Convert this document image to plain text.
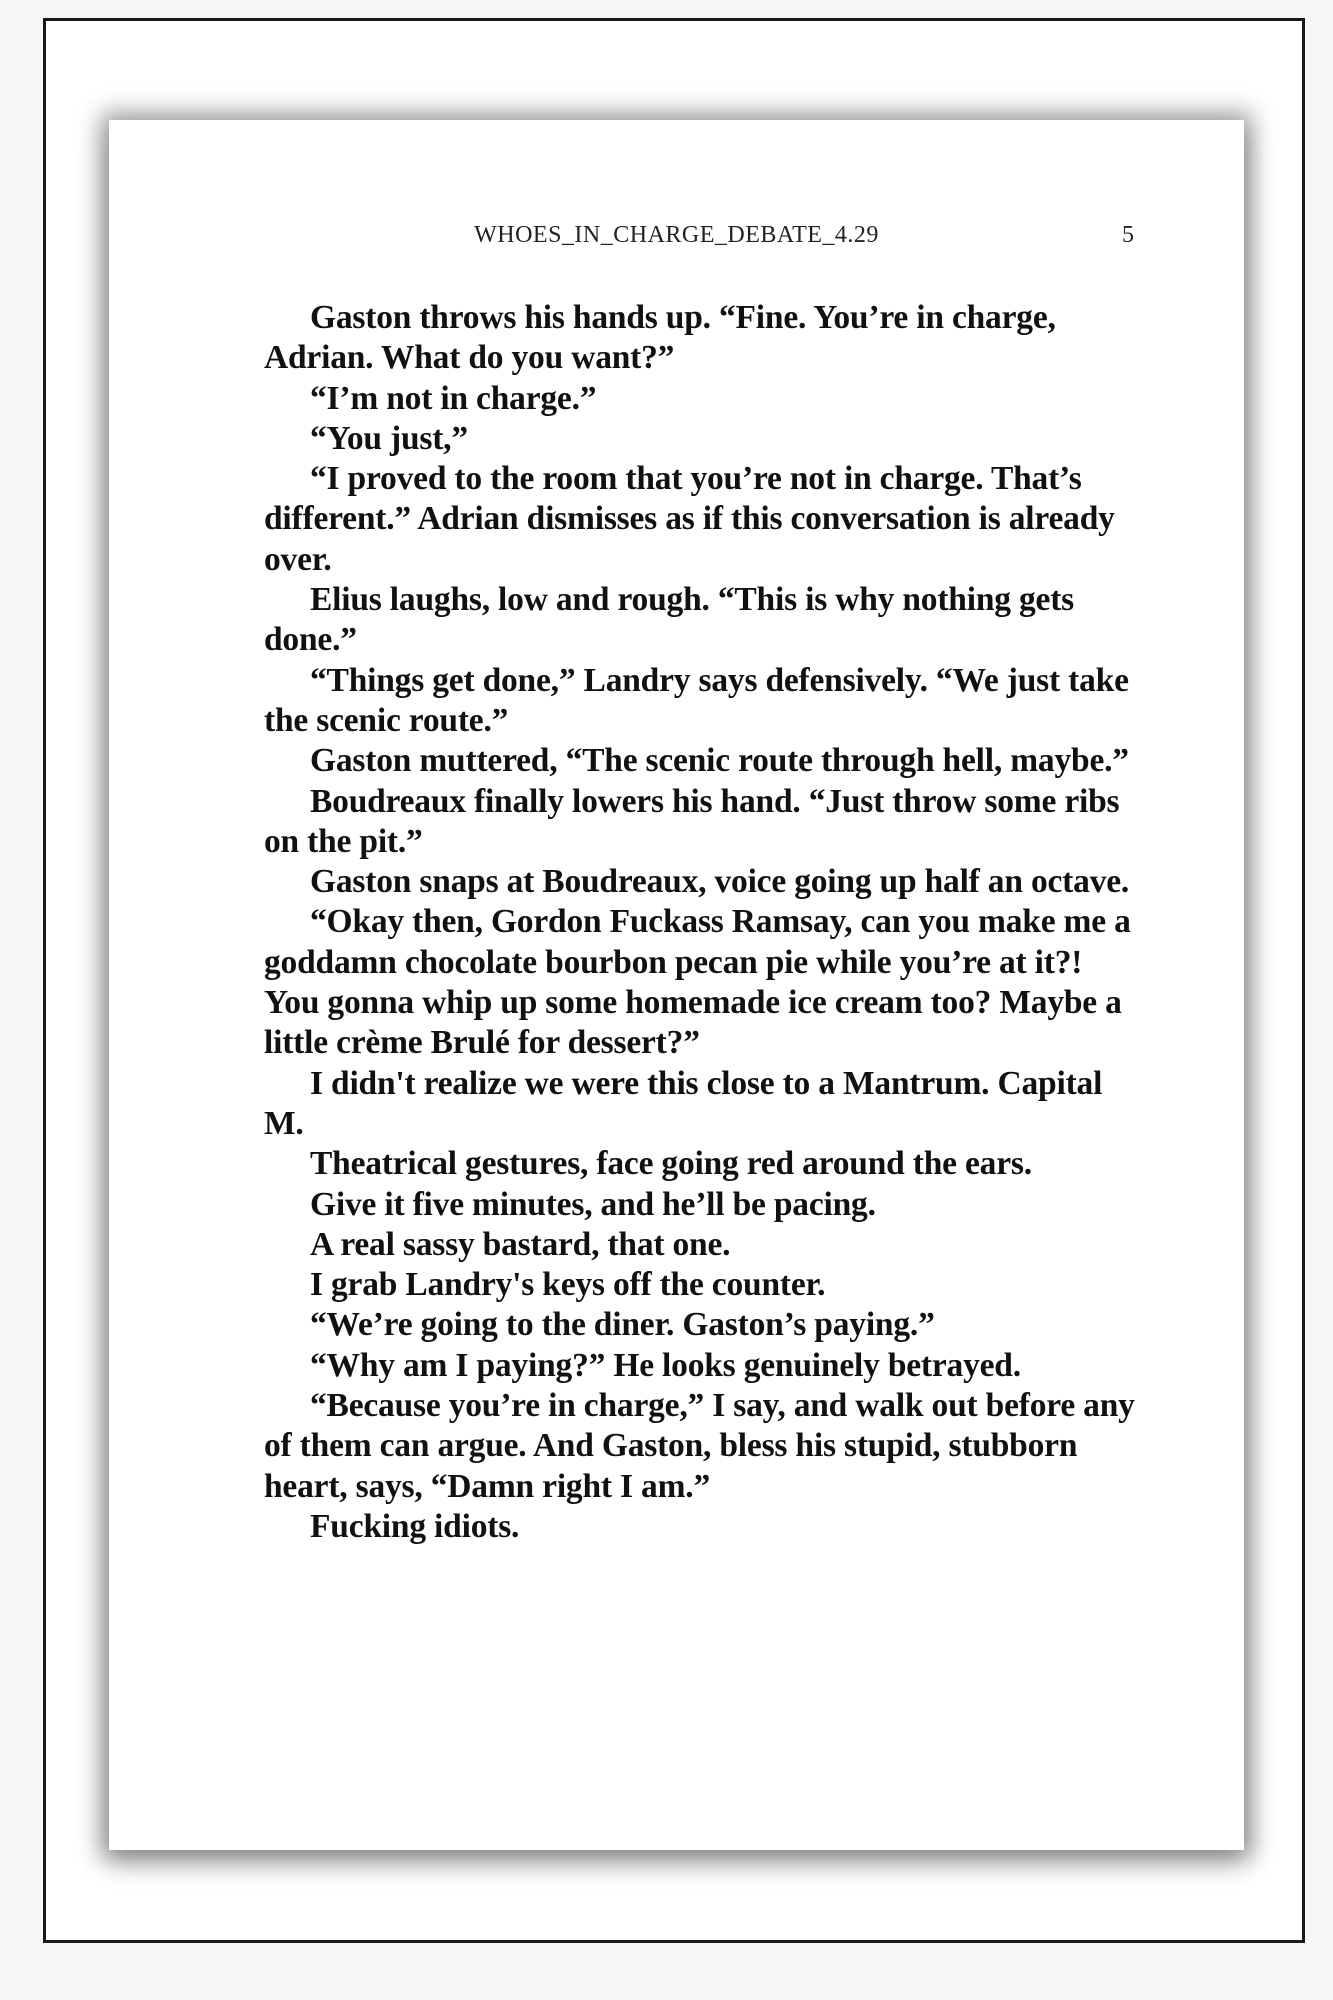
WHOES_IN_CHARGE_DEBATE_4.29	5

Gaston throws his hands up. “Fine. You’re in charge, Adrian. What do you want?”

“I’m not in charge.”

“You just,”

“I proved to the room that you’re not in charge. That’s different.” Adrian dismisses as if this conversation is already over.

Elius laughs, low and rough. “This is why nothing gets done.”

“Things get done,” Landry says defensively. “We just take the scenic route.”

Gaston muttered, “The scenic route through hell, maybe.”

Boudreaux finally lowers his hand. “Just throw some ribs on the pit.”

Gaston snaps at Boudreaux, voice going up half an octave.

“Okay then, Gordon Fuckass Ramsay, can you make me a goddamn chocolate bourbon pecan pie while you’re at it?! You gonna whip up some homemade ice cream too? Maybe a little crème Brulé for dessert?”

I didn't realize we were this close to a Mantrum. Capital M.

Theatrical gestures, face going red around the ears.

Give it five minutes, and he’ll be pacing.

A real sassy bastard, that one.

I grab Landry's keys off the counter.

“We’re going to the diner. Gaston’s paying.”

“Why am I paying?” He looks genuinely betrayed.

“Because you’re in charge,” I say, and walk out before any of them can argue. And Gaston, bless his stupid, stubborn heart, says, “Damn right I am.”

Fucking idiots.
